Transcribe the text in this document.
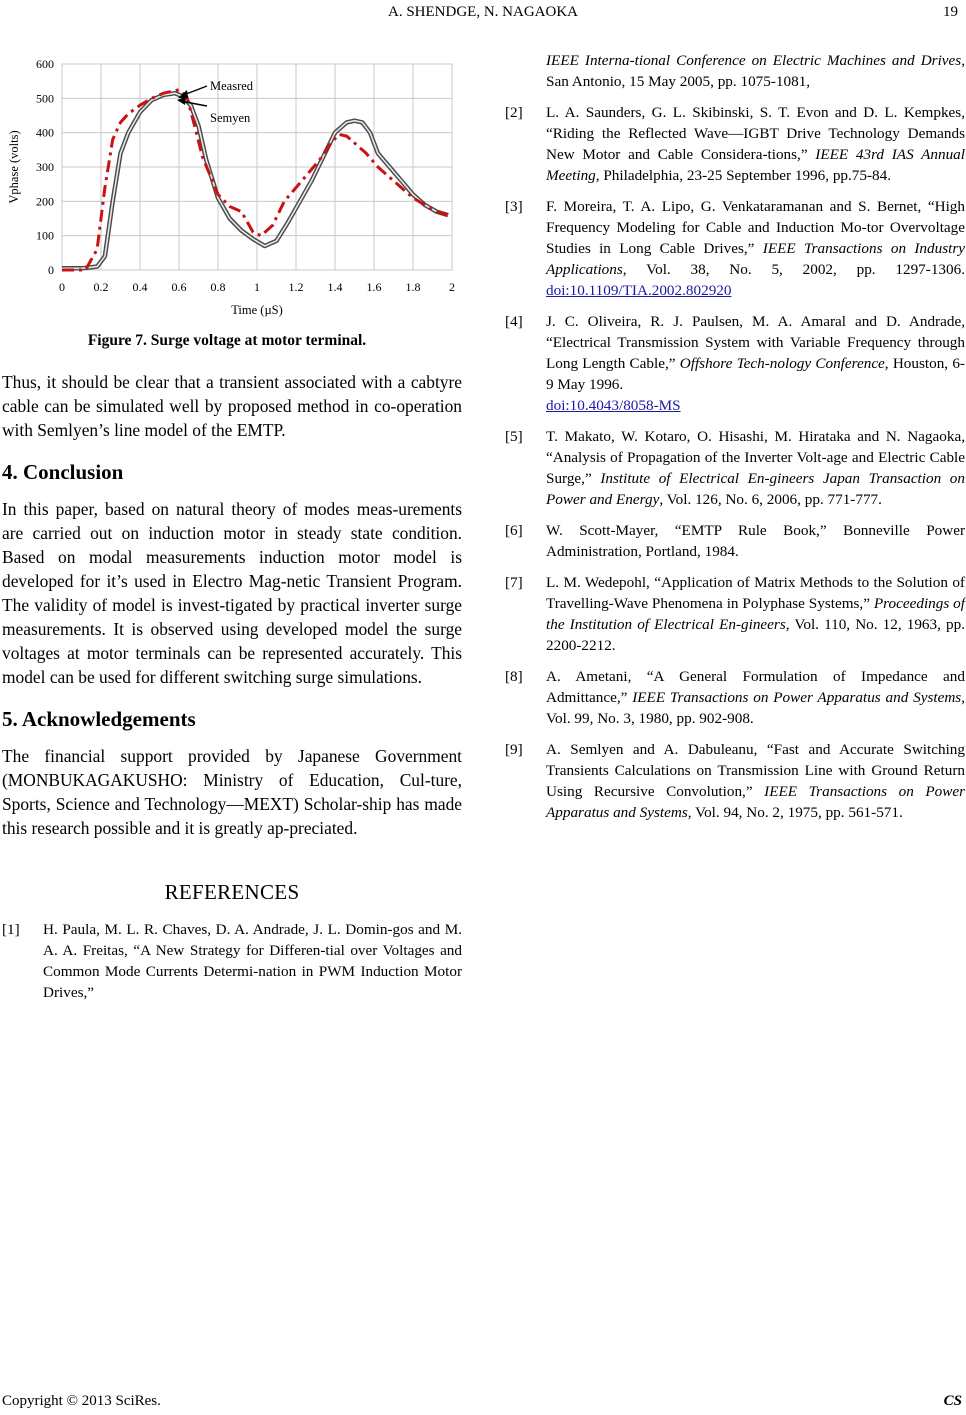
A. SHENDGE, N. NAGAOKA	19
0
100
200
300
400
500
600
0 0.2 0.4 0.6 0.8 1 1.2 1.4 1.6 1.8 2
Time (µS)
Vphase (volts)
Measred
Semyen
Figure 7. Surge voltage at motor terminal.

Thus, it should be clear that a transient associated with a cabtyre cable can be simulated well by proposed method in co-operation with Semlyen’s line model of the EMTP.

4. Conclusion

In this paper, based on natural theory of modes meas-urements are carried out on induction motor in steady state condition. Based on modal measurements induction motor model is developed for it’s used in Electro Mag-netic Transient Program. The validity of model is invest-tigated by practical inverter surge measurements. It is observed using developed model the surge voltages at motor terminals can be represented accurately. This model can be used for different switching surge simulations.

5. Acknowledgements

The financial support provided by Japanese Government (MONBUKAGAKUSHO: Ministry of Education, Cul-ture, Sports, Science and Technology—MEXT) Scholar-ship has made this research possible and it is greatly ap-preciated.

REFERENCES
[1] H. Paula, M. L. R. Chaves, D. A. Andrade, J. L. Domin-gos and M. A. A. Freitas, “A New Strategy for Differen-tial over Voltages and Common Mode Currents Determi-nation in PWM Induction Motor Drives,”
IEEE Interna-tional Conference on Electric Machines and Drives, San Antonio, 15 May 2005, pp. 1075-1081,
[2] L. A. Saunders, G. L. Skibinski, S. T. Evon and D. L. Kempkes, “Riding the Reflected Wave—IGBT Drive Technology Demands New Motor and Cable Considera-tions,” IEEE 43rd IAS Annual Meeting, Philadelphia, 23-25 September 1996, pp.75-84.
[3] F. Moreira, T. A. Lipo, G. Venkataramanan and S. Bernet, “High Frequency Modeling for Cable and Induction Mo-tor Overvoltage Studies in Long Cable Drives,” IEEE Transactions on Industry Applications, Vol. 38, No. 5, 2002, pp. 1297-1306. doi:10.1109/TIA.2002.802920
[4] J. C. Oliveira, R. J. Paulsen, M. A. Amaral and D. Andrade, “Electrical Transmission System with Variable Frequency through Long Length Cable,” Offshore Tech-nology Conference, Houston, 6-9 May 1996.
doi:10.4043/8058-MS
[5] T. Makato, W. Kotaro, O. Hisashi, M. Hirataka and N. Nagaoka, “Analysis of Propagation of the Inverter Volt-age and Electric Cable Surge,” Institute of Electrical En-gineers Japan Transaction on Power and Energy, Vol. 126, No. 6, 2006, pp. 771-777.
[6] W. Scott-Mayer, “EMTP Rule Book,” Bonneville Power Administration, Portland, 1984.
[7] L. M. Wedepohl, “Application of Matrix Methods to the Solution of Travelling-Wave Phenomena in Polyphase Systems,” Proceedings of the Institution of Electrical En-gineers, Vol. 110, No. 12, 1963, pp. 2200-2212.
[8] A. Ametani, “A General Formulation of Impedance and Admittance,” IEEE Transactions on Power Apparatus and Systems, Vol. 99, No. 3, 1980, pp. 902-908.
[9] A. Semlyen and A. Dabuleanu, “Fast and Accurate Switching Transients Calculations on Transmission Line with Ground Return Using Recursive Convolution,” IEEE Transactions on Power Apparatus and Systems, Vol. 94, No. 2, 1975, pp. 561-571.
Copyright © 2013 SciRes.	CS
